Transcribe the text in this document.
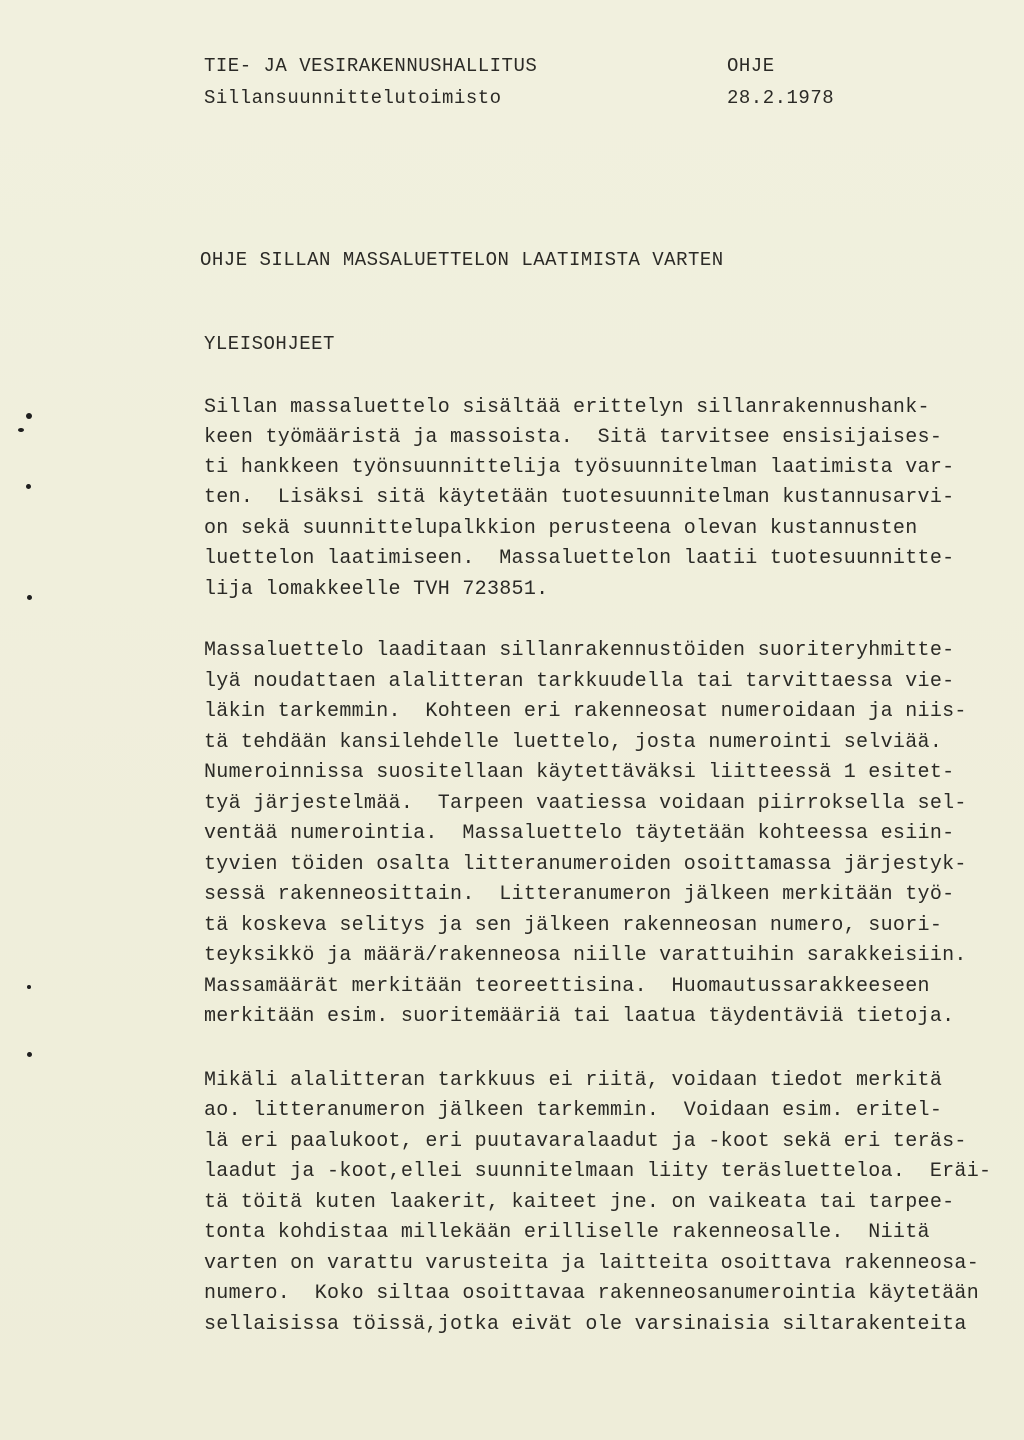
TIE- JA VESIRAKENNUSHALLITUS
Sillansuunnittelutoimisto
OHJE
28.2.1978
OHJE SILLAN MASSALUETTELON LAATIMISTA VARTEN
YLEISOHJEET
Sillan massaluettelo sisältää erittelyn sillanrakennushank-
keen työmääristä ja massoista.  Sitä tarvitsee ensisijaises-
ti hankkeen työnsuunnittelija työsuunnitelman laatimista var-
ten.  Lisäksi sitä käytetään tuotesuunnitelman kustannusarvi-
on sekä suunnittelupalkkion perusteena olevan kustannusten
luettelon laatimiseen.  Massaluettelon laatii tuotesuunnitte-
lija lomakkeelle TVH 723851.
Massaluettelo laaditaan sillanrakennustöiden suoriteryhmitte-
lyä noudattaen alalitteran tarkkuudella tai tarvittaessa vie-
läkin tarkemmin.  Kohteen eri rakenneosat numeroidaan ja niis-
tä tehdään kansilehdelle luettelo, josta numerointi selviää.
Numeroinnissa suositellaan käytettäväksi liitteessä 1 esitet-
tyä järjestelmää.  Tarpeen vaatiessa voidaan piirroksella sel-
ventää numerointia.  Massaluettelo täytetään kohteessa esiin-
tyvien töiden osalta litteranumeroiden osoittamassa järjestyk-
sessä rakenneosittain.  Litteranumeron jälkeen merkitään työ-
tä koskeva selitys ja sen jälkeen rakenneosan numero, suori-
teyksikkö ja määrä/rakenneosa niille varattuihin sarakkeisiin.
Massamäärät merkitään teoreettisina.  Huomautussarakkeeseen
merkitään esim. suoritemääriä tai laatua täydentäviä tietoja.
Mikäli alalitteran tarkkuus ei riitä, voidaan tiedot merkitä
ao. litteranumeron jälkeen tarkemmin.  Voidaan esim. eritel-
lä eri paalukoot, eri puutavaralaadut ja -koot sekä eri teräs-
laadut ja -koot,ellei suunnitelmaan liity teräsluetteloa.  Eräi-
tä töitä kuten laakerit, kaiteet jne. on vaikeata tai tarpee-
tonta kohdistaa millekään erilliselle rakenneosalle.  Niitä
varten on varattu varusteita ja laitteita osoittava rakenneosa-
numero.  Koko siltaa osoittavaa rakenneosanumerointia käytetään
sellaisissa töissä,jotka eivät ole varsinaisia siltarakenteita
